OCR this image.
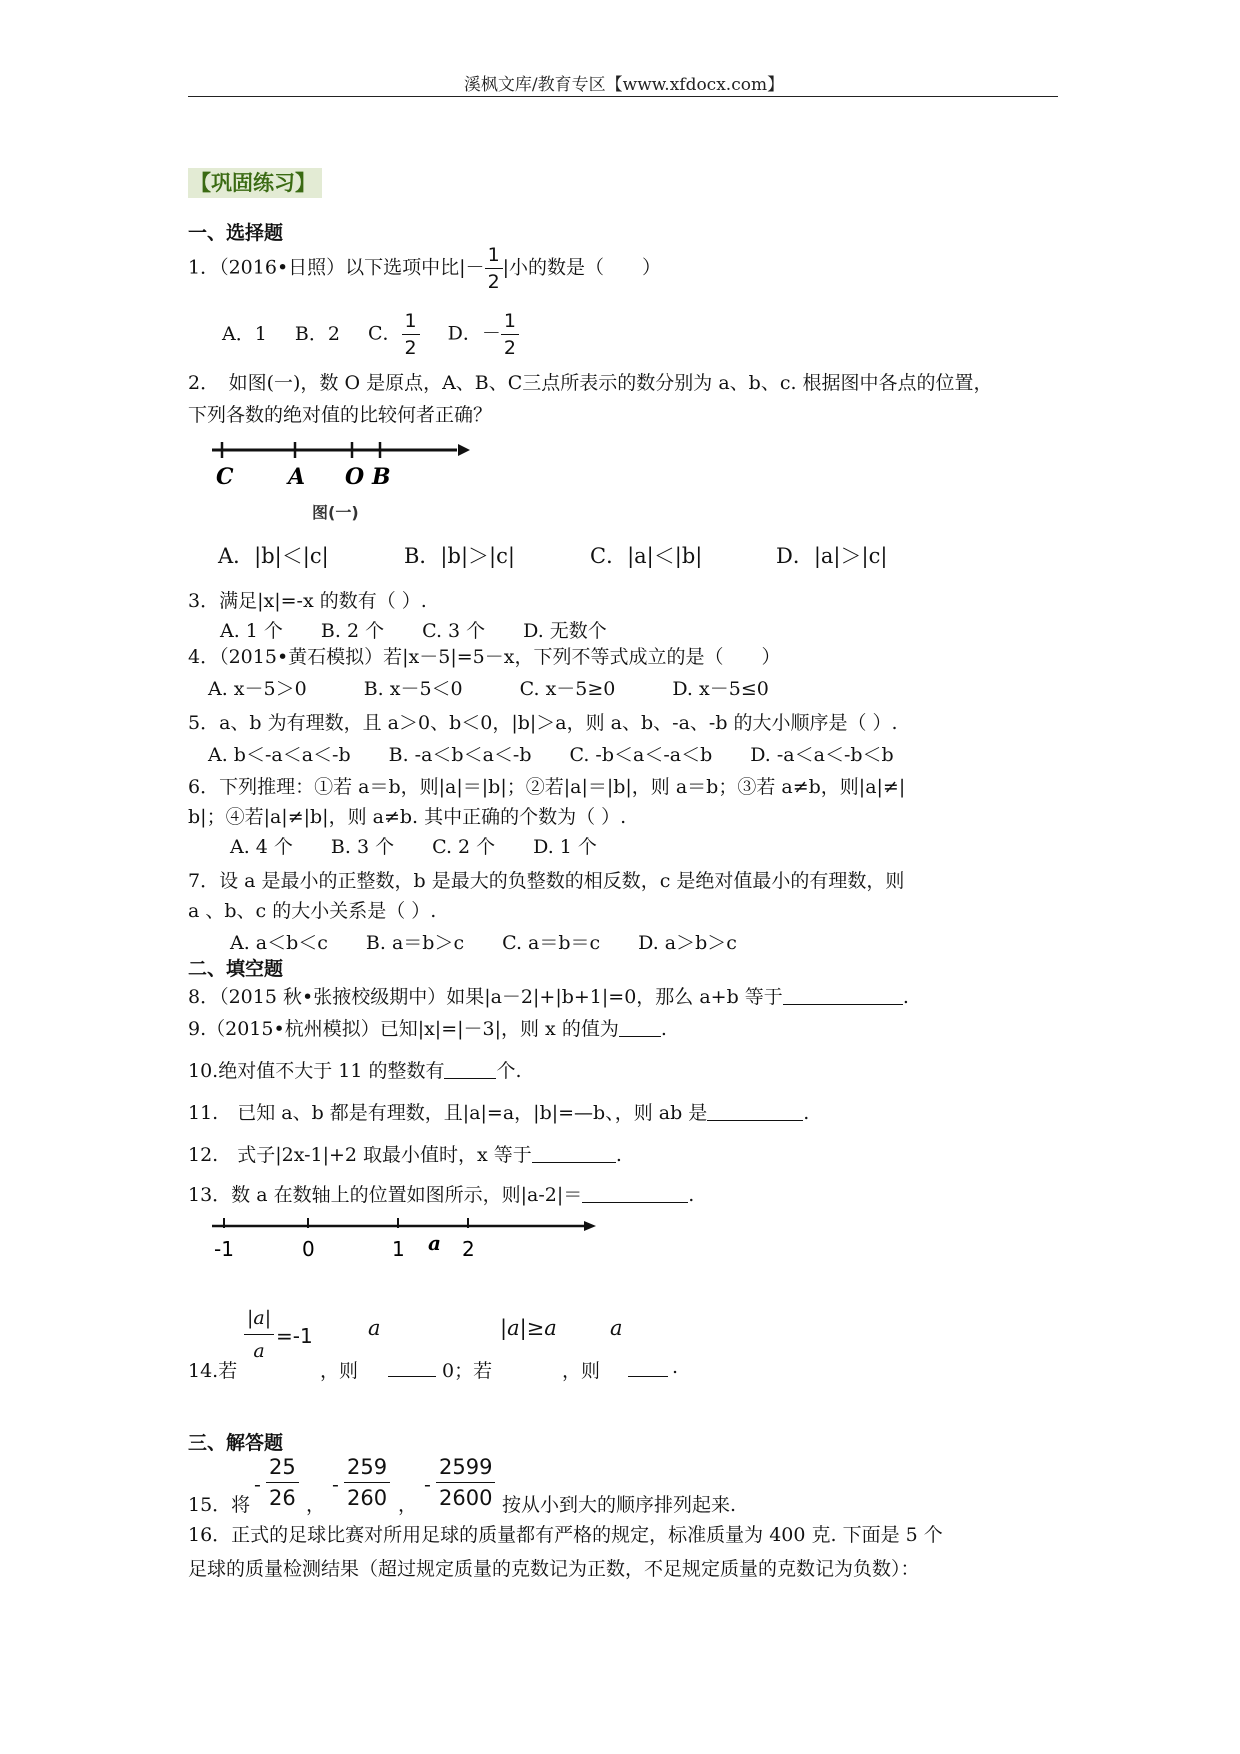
溪枫文库/教育专区【www.xfdocx.com】
【巩固练习】
一、选择题
1．（2016•日照）以下选项中比|－ $\frac{1}{2}$ |小的数是（　　）
A．1 B．2 C． $\frac{1}{2}$ D．－ $\frac{1}{2}$
2．　如图(一)，数 O 是原点，A、B、C三点所表示的数分别为 a、b、c. 根据图中各点的位置，
下列各数的绝对值的比较何者正确？
C A O B
图(一)
A．|b|＜|c|	B．|b|＞|c|	C．|a|＜|b|	D．|a|＞|c|
3．满足|x|=-x 的数有（ ）.
A. 1 个　　B. 2 个　　C. 3 个　　D. 无数个
4．（2015•黄石模拟）若|x－5|=5－x，下列不等式成立的是（　　）
A. x－5＞0　　　B. x－5＜0　　　C. x－5≥0　　　D. x－5≤0
5．a、b 为有理数，且 a＞0、b＜0，|b|＞a，则 a、b、-a、-b 的大小顺序是（ ）.
A. b＜-a＜a＜-b　　B. -a＜b＜a＜-b　　C. -b＜a＜-a＜b　　D. -a＜a＜-b＜b
6．下列推理：①若 a＝b，则|a|＝|b|；②若|a|＝|b|，则 a＝b；③若 a≠b，则|a|≠|
b|；④若|a|≠|b|，则 a≠b. 其中正确的个数为（ ）.
A. 4 个　　B. 3 个　　C. 2 个　　D. 1 个
7．设 a 是最小的正整数，b 是最大的负整数的相反数，c 是绝对值最小的有理数，则
a 、b、c 的大小关系是（ ）.
A. a＜b＜c　　B. a＝b＞c　　C. a＝b＝c　　D. a＞b＞c
二、填空题
8．（2015 秋•张掖校级期中）如果|a－2|+|b+1|=0，那么 a+b 等于	.
9.（2015•杭州模拟）已知|x|=|－3|，则 x 的值为 .
10.绝对值不大于 11 的整数有	个.
11.　已知 a、b 都是有理数，且|a|=a，|b|=—b、，则 ab 是	.
12.　式子|2x-1|+2 取最小值时，x 等于	.
13．数 a 在数轴上的位置如图所示，则|a-2|＝	.
-1	0	1 a 2
14.若
$\frac{|a|}{a} =-1$	a
，则	0；若
|a|≥a	a
，则	.
三、解答题
15．将
- $\frac{25}{26}$ ，
- $\frac{259}{260}$ ，
- $\frac{2599}{2600}$ 按从小到大的顺序排列起来.
16．正式的足球比赛对所用足球的质量都有严格的规定，标准质量为 400 克. 下面是 5 个
足球的质量检测结果（超过规定质量的克数记为正数，不足规定质量的克数记为负数）：
